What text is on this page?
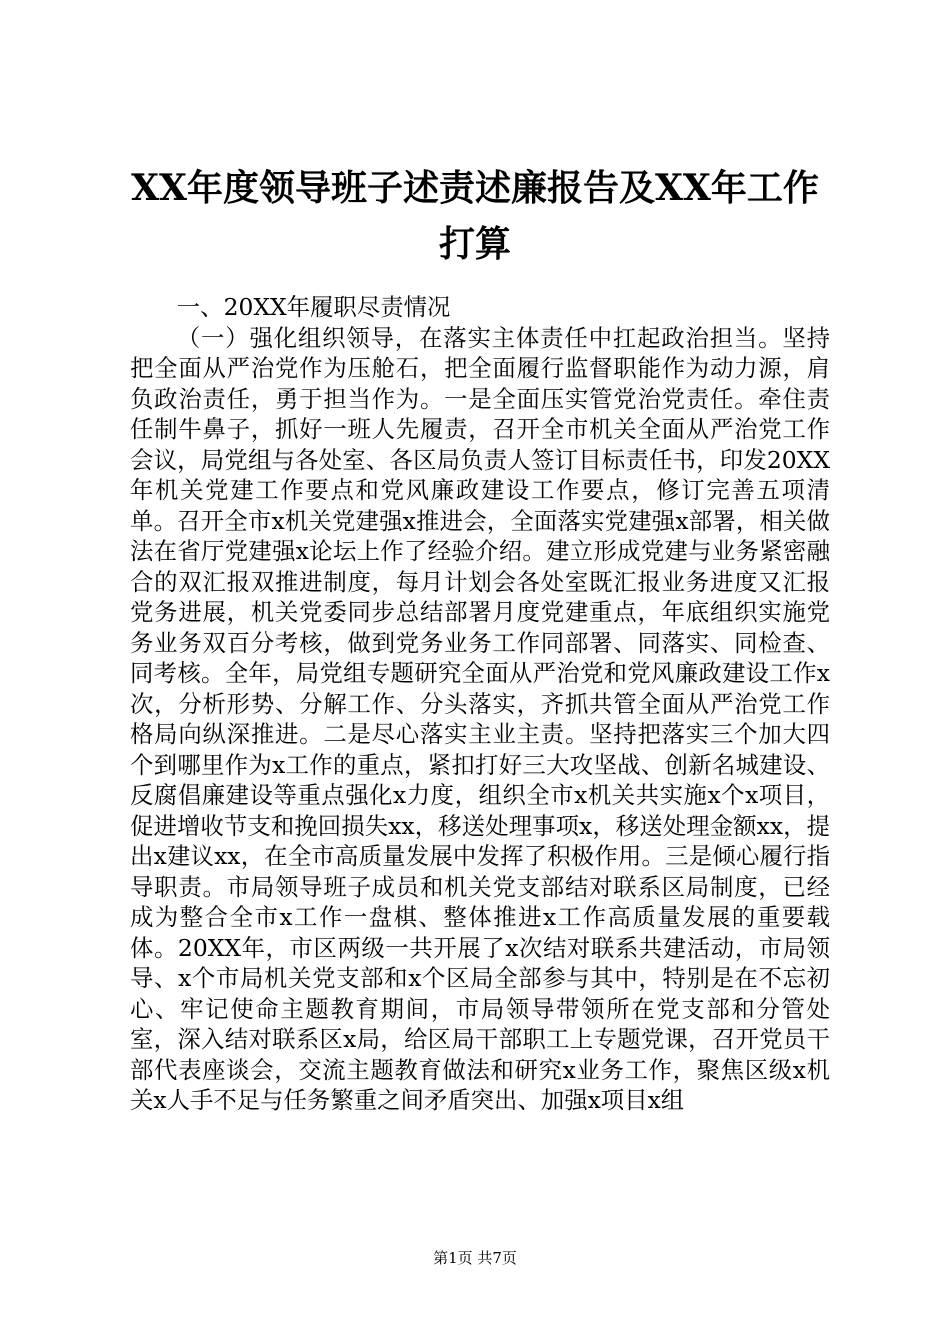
XX年度领导班子述责述廉报告及XX年工作打算

一、20XX年履职尽责情况

（一）强化组织领导，在落实主体责任中扛起政治担当。坚持把全面从严治党作为压舱石，把全面履行监督职能作为动力源，肩负政治责任，勇于担当作为。一是全面压实管党治党责任。牵住责任制牛鼻子，抓好一班人先履责，召开全市机关全面从严治党工作会议，局党组与各处室、各区局负责人签订目标责任书，印发20XX年机关党建工作要点和党风廉政建设工作要点，修订完善五项清单。召开全市x机关党建强x推进会，全面落实党建强x部署，相关做法在省厅党建强x论坛上作了经验介绍。建立形成党建与业务紧密融合的双汇报双推进制度，每月计划会各处室既汇报业务进度又汇报党务进展，机关党委同步总结部署月度党建重点，年底组织实施党务业务双百分考核，做到党务业务工作同部署、同落实、同检查、同考核。全年，局党组专题研究全面从严治党和党风廉政建设工作x次，分析形势、分解工作、分头落实，齐抓共管全面从严治党工作格局向纵深推进。二是尽心落实主业主责。坚持把落实三个加大四个到哪里作为x工作的重点，紧扣打好三大攻坚战、创新名城建设、反腐倡廉建设等重点强化x力度，组织全市x机关共实施x个x项目，促进增收节支和挽回损失xx，移送处理事项x，移送处理金额xx，提出x建议xx，在全市高质量发展中发挥了积极作用。三是倾心履行指导职责。市局领导班子成员和机关党支部结对联系区局制度，已经成为整合全市x工作一盘棋、整体推进x工作高质量发展的重要载体。20XX年，市区两级一共开展了x次结对联系共建活动，市局领导、x个市局机关党支部和x个区局全部参与其中，特别是在不忘初心、牢记使命主题教育期间，市局领导带领所在党支部和分管处室，深入结对联系区x局，给区局干部职工上专题党课，召开党员干部代表座谈会，交流主题教育做法和研究x业务工作，聚焦区级x机关x人手不足与任务繁重之间矛盾突出、加强x项目x组

第1页 共7页
